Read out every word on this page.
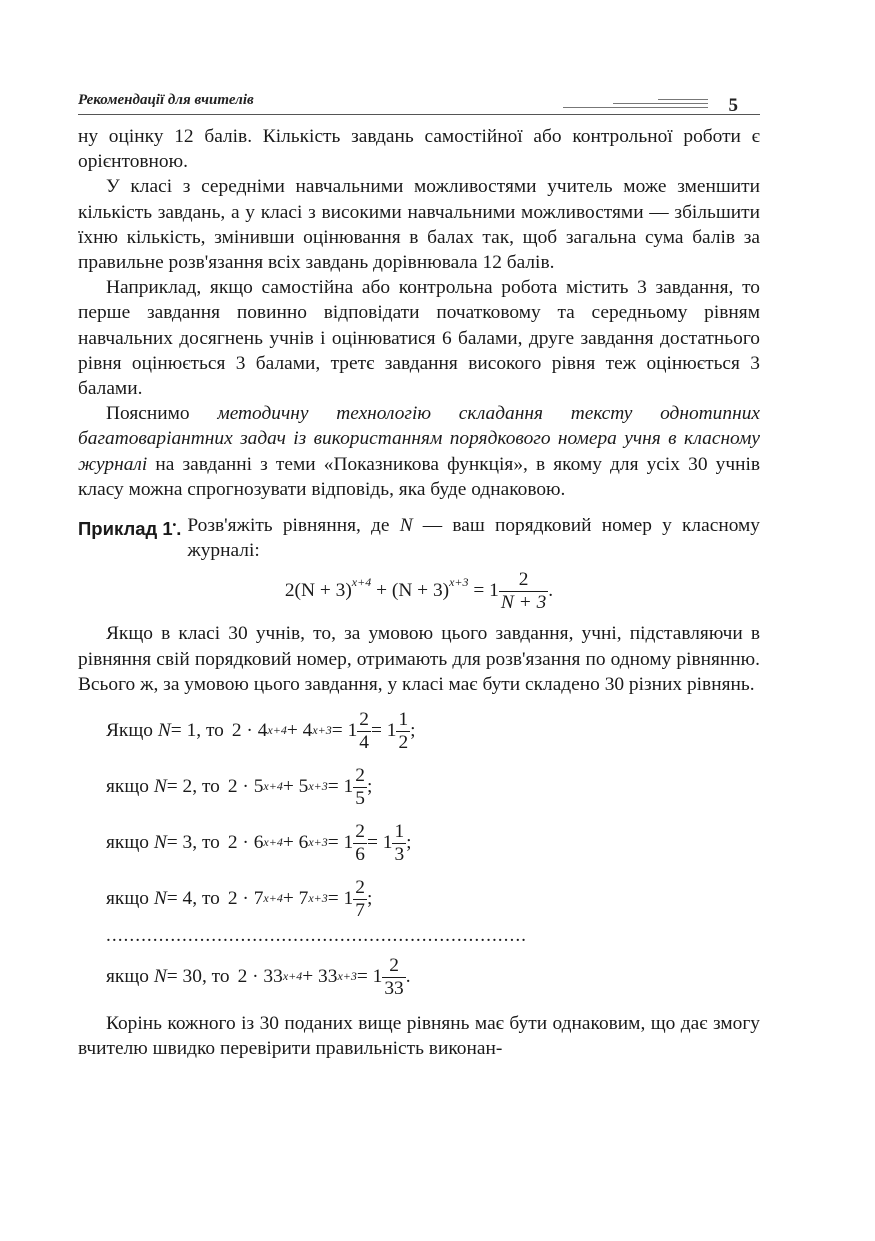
Рекомендації для вчителів	5

ну оцінку 12 балів. Кількість завдань самостійної або контрольної роботи є орієнтовною.

У класі з середніми навчальними можливостями учитель може зменшити кількість завдань, а у класі з високими навчальними можливостями — збільшити їхню кількість, змінивши оцінювання в балах так, щоб загальна сума балів за правильне розв'язання всіх завдань дорівнювала 12 балів.

Наприклад, якщо самостійна або контрольна робота містить 3 завдання, то перше завдання повинно відповідати початковому та середньому рівням навчальних досягнень учнів і оцінюватися 6 балами, друге завдання достатнього рівня оцінюється 3 балами, третє завдання високого рівня теж оцінюється 3 балами.

Пояснимо методичну технологію складання тексту однотипних багатоваріантних задач із використанням порядкового номера учня в класному журналі на завданні з теми «Показникова функція», в якому для усіх 30 учнів класу можна спрогнозувати відповідь, яка буде однаковою.

Приклад 1•. Розв'яжіть рівняння, де N — ваш порядковий номер у класному журналі:
$2(N + 3)^{x+4} + (N + 3)^{x+3} = 1 \frac{2}{N + 3}$ .

Якщо в класі 30 учнів, то, за умовою цього завдання, учні, підставляючи в рівняння свій порядковий номер, отримають для розв'язання по одному рівнянню. Всього ж, за умовою цього завдання, у класі має бути складено 30 різних рівнянь.

Якщо
N = 1, то 2 · 4 x+4 + 4 $x+3 = 1 \frac{2}{4} = 1 \frac{1}{2}$ ;
якщо
N = 2, то 2 · 5 x+4 + 5 $x+3 = 1 \frac{2}{5}$ ;
якщо
N = 3, то 2 · 6 x+4 + 6 $x+3 = 1 \frac{2}{6} = 1 \frac{1}{3}$ ;
якщо
N = 4, то 2 · 7 x+4 + 7 $x+3 = 1 \frac{2}{7}$ ;
........................................................................
якщо
N = 30, то 2 · 33 x+4 + 33 $x+3 = 1 \frac{2}{33}$ .

Корінь кожного із 30 поданих вище рівнянь має бути однаковим, що дає змогу вчителю швидко перевірити правильність виконан-
